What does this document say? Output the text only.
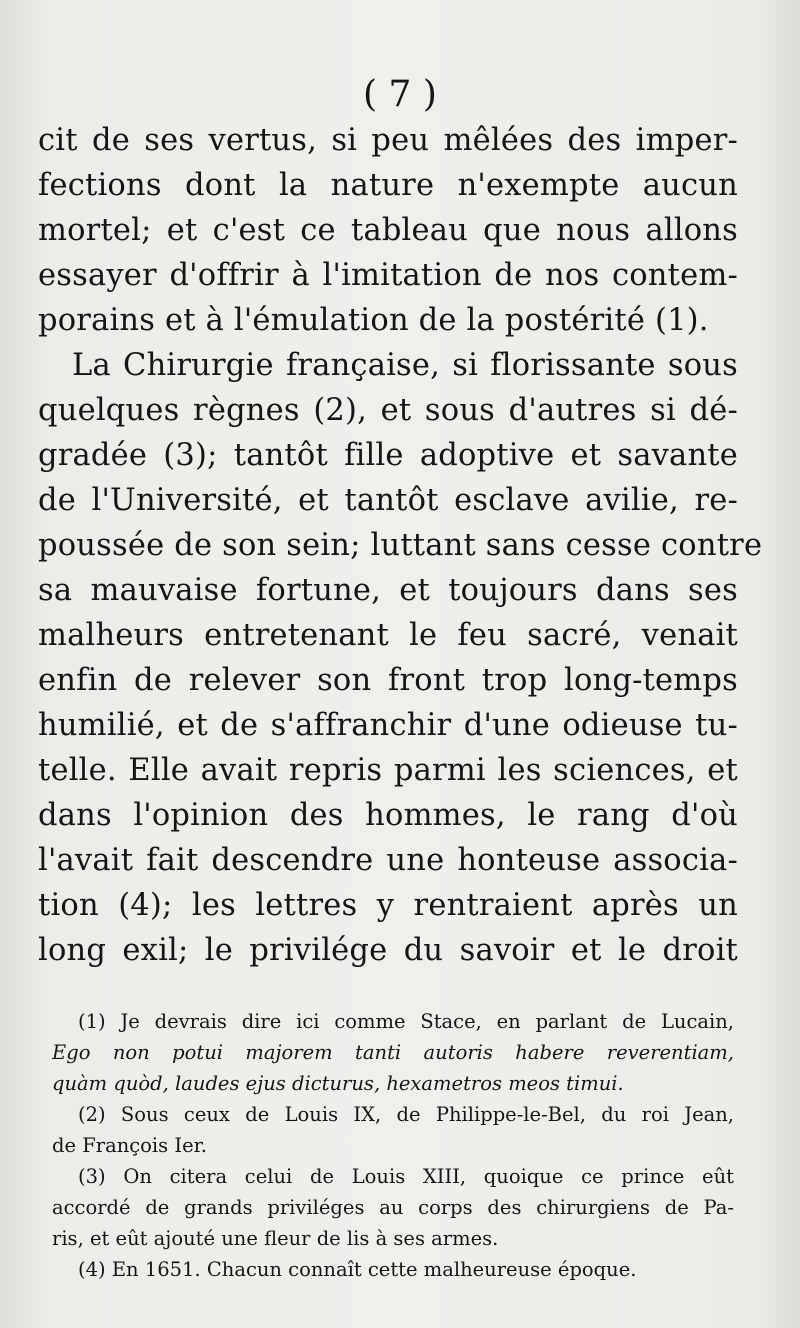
( 7 )
cit de ses vertus, si peu mêlées des imper-
fections dont la nature n'exempte aucun
mortel; et c'est ce tableau que nous allons
essayer d'offrir à l'imitation de nos contem-
porains et à l'émulation de la postérité (1).
La Chirurgie française, si florissante sous
quelques règnes (2), et sous d'autres si dé-
gradée (3); tantôt fille adoptive et savante
de l'Université, et tantôt esclave avilie, re-
poussée de son sein; luttant sans cesse contre
sa mauvaise fortune, et toujours dans ses
malheurs entretenant le feu sacré, venait
enfin de relever son front trop long-temps
humilié, et de s'affranchir d'une odieuse tu-
telle. Elle avait repris parmi les sciences, et
dans l'opinion des hommes, le rang d'où
l'avait fait descendre une honteuse associa-
tion (4); les lettres y rentraient après un
long exil; le privilége du savoir et le droit
(1) Je devrais dire ici comme Stace, en parlant de Lucain,
Ego non potui majorem tanti autoris habere reverentiam,
quàm quòd, laudes ejus dicturus, hexametros meos timui.
(2) Sous ceux de Louis IX, de Philippe-le-Bel, du roi Jean,
de François Ier.
(3) On citera celui de Louis XIII, quoique ce prince eût
accordé de grands priviléges au corps des chirurgiens de Pa-
ris, et eût ajouté une fleur de lis à ses armes.
(4) En 1651. Chacun connaît cette malheureuse époque.
